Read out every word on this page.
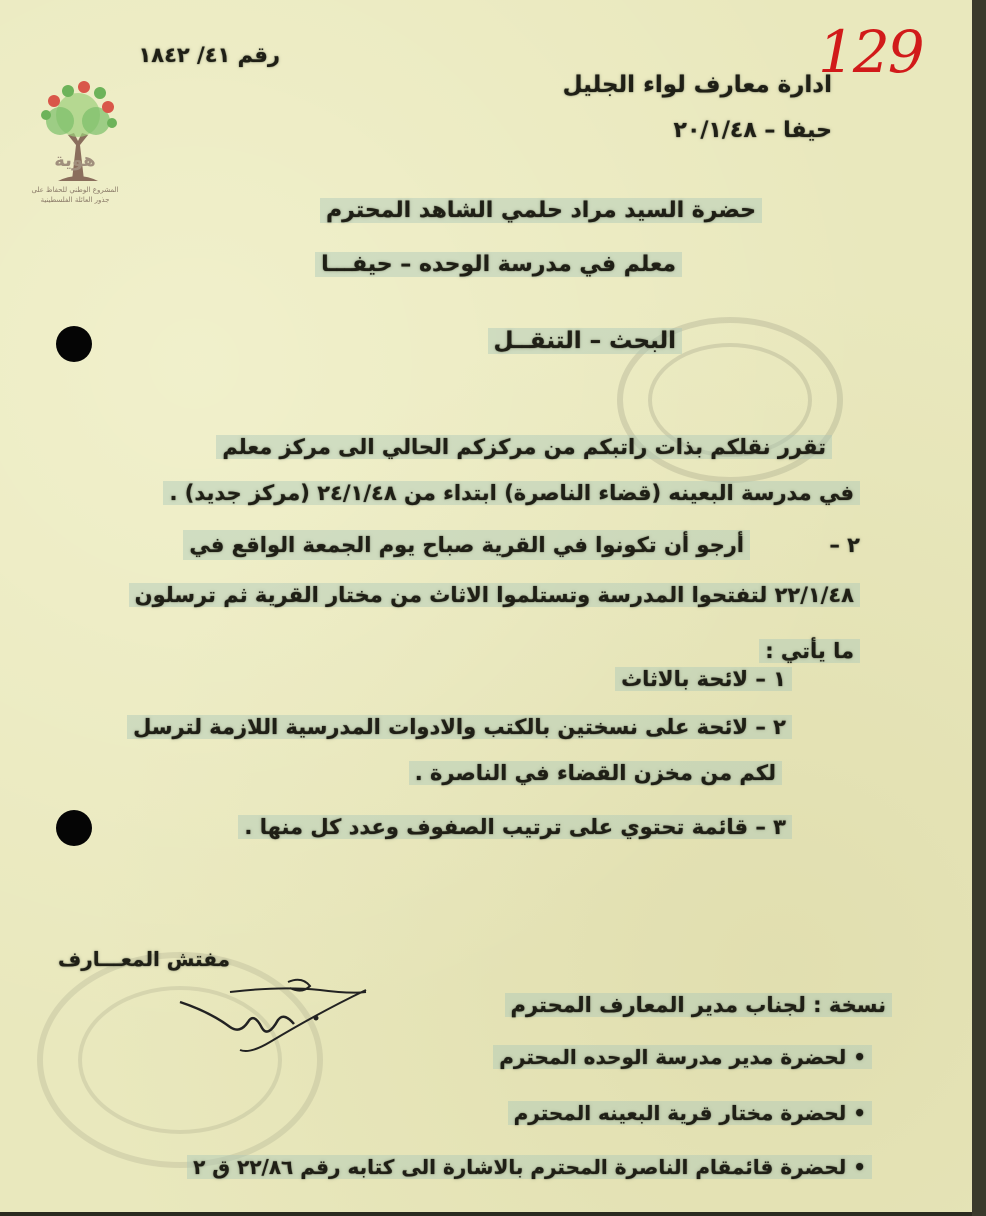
هوية
المشروع الوطني للحفاظ على
جذور العائلة الفلسطينية
129
رقم ٤١/ ١٨٤٢
ادارة معارف لواء الجليل
حيفا – ٢٠/١/٤٨
حضرة السيد مراد حلمي الشاهد المحترم
معلم في مدرسة الوحده – حيفـــا
البحث – التنقــل
تقرر نقلكم بذات راتبكم من مركزكم الحالي الى مركز معلم
في مدرسة البعينه (قضاء الناصرة) ابتداء من ٢٤/١/٤٨ (مركز جديد) .
٢ –
أرجو أن تكونوا في القرية صباح يوم الجمعة الواقع في
٢٢/١/٤٨ لتفتحوا المدرسة وتستلموا الاثاث من مختار القرية ثم ترسلون
ما يأتي :
١ – لائحة بالاثاث
٢ – لائحة على نسختين بالكتب والادوات المدرسية اللازمة لترسل
لكم من مخزن القضاء في الناصرة .
٣ – قائمة تحتوي على ترتيب الصفوف وعدد كل منها .
مفتش المعـــارف
نسخة : لجناب مدير المعارف المحترم
• لحضرة مدير مدرسة الوحده المحترم
• لحضرة مختار قرية البعينه المحترم
• لحضرة قائمقام الناصرة المحترم بالاشارة الى كتابه رقم ٢٢/٨٦ ق ٢
